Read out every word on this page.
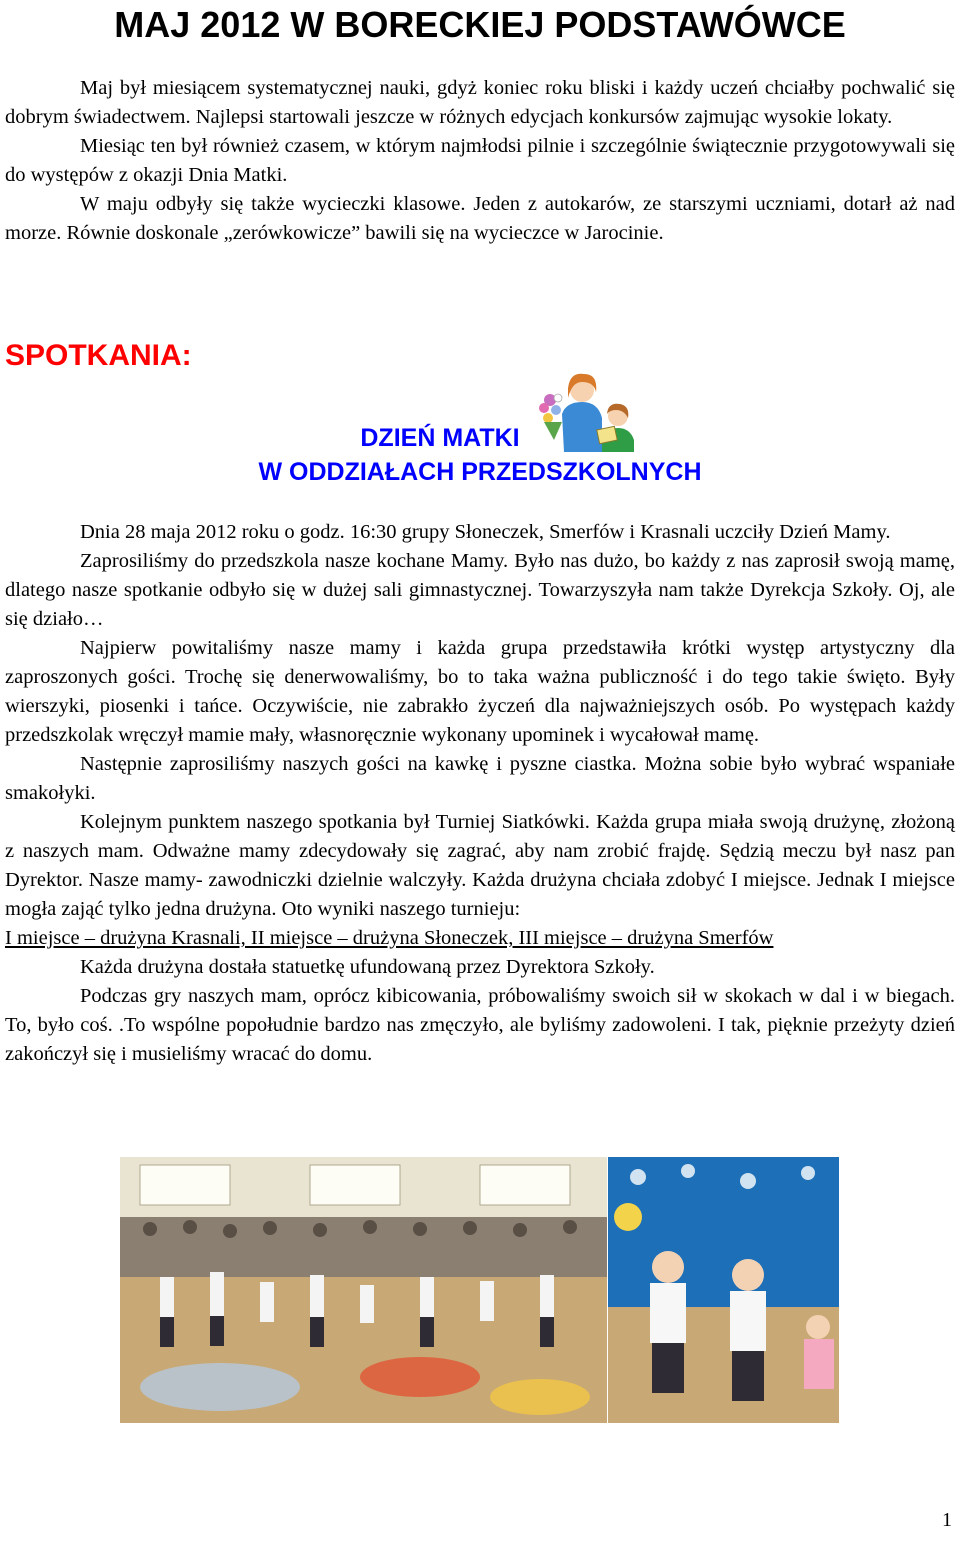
MAJ 2012 W BORECKIEJ PODSTAWÓWCE

Maj był miesiącem systematycznej nauki, gdyż koniec roku bliski i każdy uczeń chciałby pochwalić się dobrym świadectwem. Najlepsi startowali jeszcze w różnych edycjach konkursów zajmując wysokie lokaty.

Miesiąc ten był również czasem, w którym najmłodsi pilnie i szczególnie świątecznie przygotowywali się do występów z okazji Dnia Matki.

W maju odbyły się także wycieczki klasowe. Jeden z autokarów, ze starszymi uczniami, dotarł aż nad morze. Równie doskonale „zerówkowicze” bawili się na wycieczce w Jarocinie.

SPOTKANIA:
DZIEŃ MATKI
W ODDZIAŁACH PRZEDSZKOLNYCH

Dnia 28 maja 2012 roku o godz. 16:30 grupy Słoneczek, Smerfów i Krasnali uczciły Dzień Mamy.

Zaprosiliśmy do przedszkola nasze kochane Mamy. Było nas dużo, bo każdy z nas zaprosił swoją mamę, dlatego nasze spotkanie odbyło się w dużej sali gimnastycznej. Towarzyszyła nam także Dyrekcja Szkoły. Oj, ale się działo…

Najpierw powitaliśmy nasze mamy i każda grupa przedstawiła krótki występ artystyczny dla zaproszonych gości. Trochę się denerwowaliśmy, bo to taka ważna publiczność i do tego takie święto. Były wierszyki, piosenki i tańce. Oczywiście, nie zabrakło życzeń dla najważniejszych osób. Po występach każdy przedszkolak wręczył mamie mały, własnoręcznie wykonany upominek i wycałował mamę.

Następnie zaprosiliśmy naszych gości na kawkę i pyszne ciastka. Można sobie było wybrać wspaniałe smakołyki.

Kolejnym punktem naszego spotkania był Turniej Siatkówki. Każda grupa miała swoją drużynę, złożoną z naszych mam. Odważne mamy zdecydowały się zagrać, aby nam zrobić frajdę. Sędzią meczu był nasz pan Dyrektor. Nasze mamy- zawodniczki dzielnie walczyły. Każda drużyna chciała zdobyć I miejsce. Jednak I miejsce mogła zająć tylko jedna drużyna. Oto wyniki naszego turnieju:

I miejsce – drużyna Krasnali, II miejsce – drużyna Słoneczek, III miejsce – drużyna Smerfów

Każda drużyna dostała statuetkę ufundowaną przez Dyrektora Szkoły.

Podczas gry naszych mam, oprócz kibicowania, próbowaliśmy swoich sił w skokach w dal i w biegach. To, było coś. .To wspólne popołudnie bardzo nas zmęczyło, ale byliśmy zadowoleni. I tak, pięknie przeżyty dzień zakończył się i musieliśmy wracać do domu.

1
